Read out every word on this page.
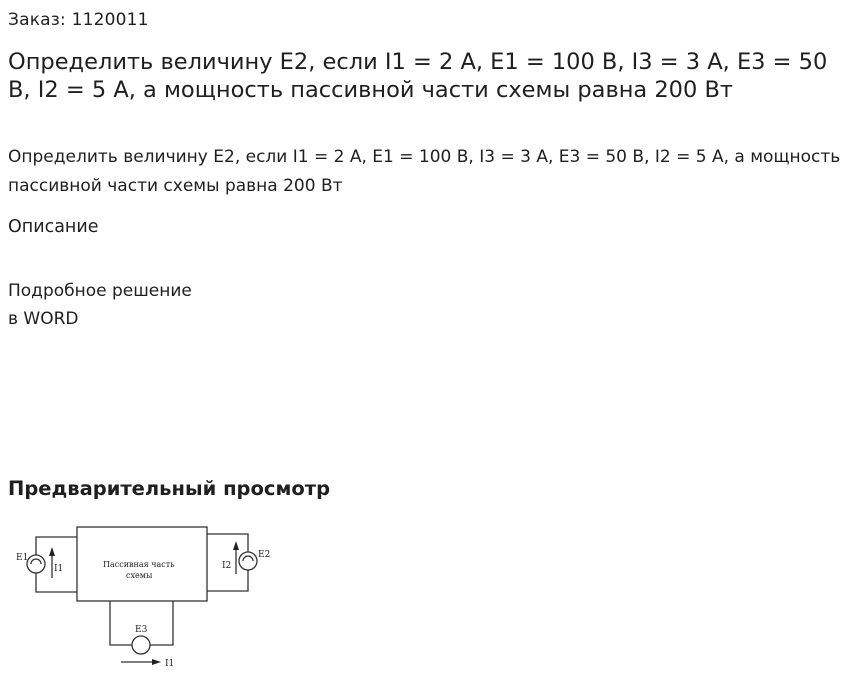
Заказ: 1120011
Определить величину E2, если I1 = 2 A, E1 = 100 B, I3 = 3 A, E3 = 50 B, I2 = 5 A, а мощность пассивной части схемы равна 200 Вт
Определить величину E2, если I1 = 2 A, E1 = 100 B, I3 = 3 A, E3 = 50 B, I2 = 5 A, а мощность пассивной части схемы равна 200 Вт
Описание
Подробное решение
в WORD
Предварительный просмотр
Пассивная часть
схемы
E1
I1
E2
I2
E3
I1
